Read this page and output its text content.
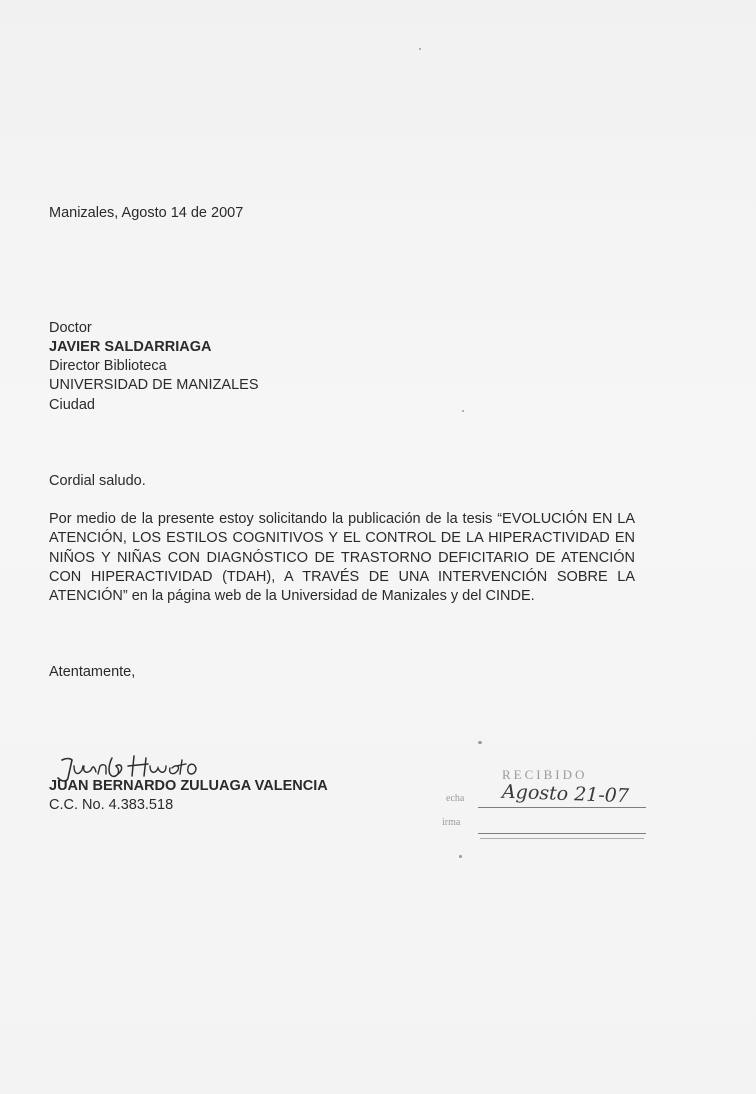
Manizales, Agosto 14 de 2007
Doctor
JAVIER SALDARRIAGA
Director Biblioteca
UNIVERSIDAD DE MANIZALES
Ciudad
Cordial saludo.
Por medio de la presente estoy solicitando la publicación de la tesis “EVOLUCIÓN EN LA ATENCIÓN, LOS ESTILOS COGNITIVOS Y EL CONTROL DE LA HIPERACTIVIDAD EN NIÑOS Y NIÑAS CON DIAGNÓSTICO DE TRASTORNO DEFICITARIO DE ATENCIÓN CON HIPERACTIVIDAD (TDAH), A TRAVÉS DE UNA INTERVENCIÓN SOBRE LA ATENCIÓN” en la página web de la Universidad de Manizales y del CINDE.
Atentamente,
JUAN BERNARDO ZULUAGA VALENCIA
C.C. No. 4.383.518
RECIBIDO
echa Agosto 21-07
irma
